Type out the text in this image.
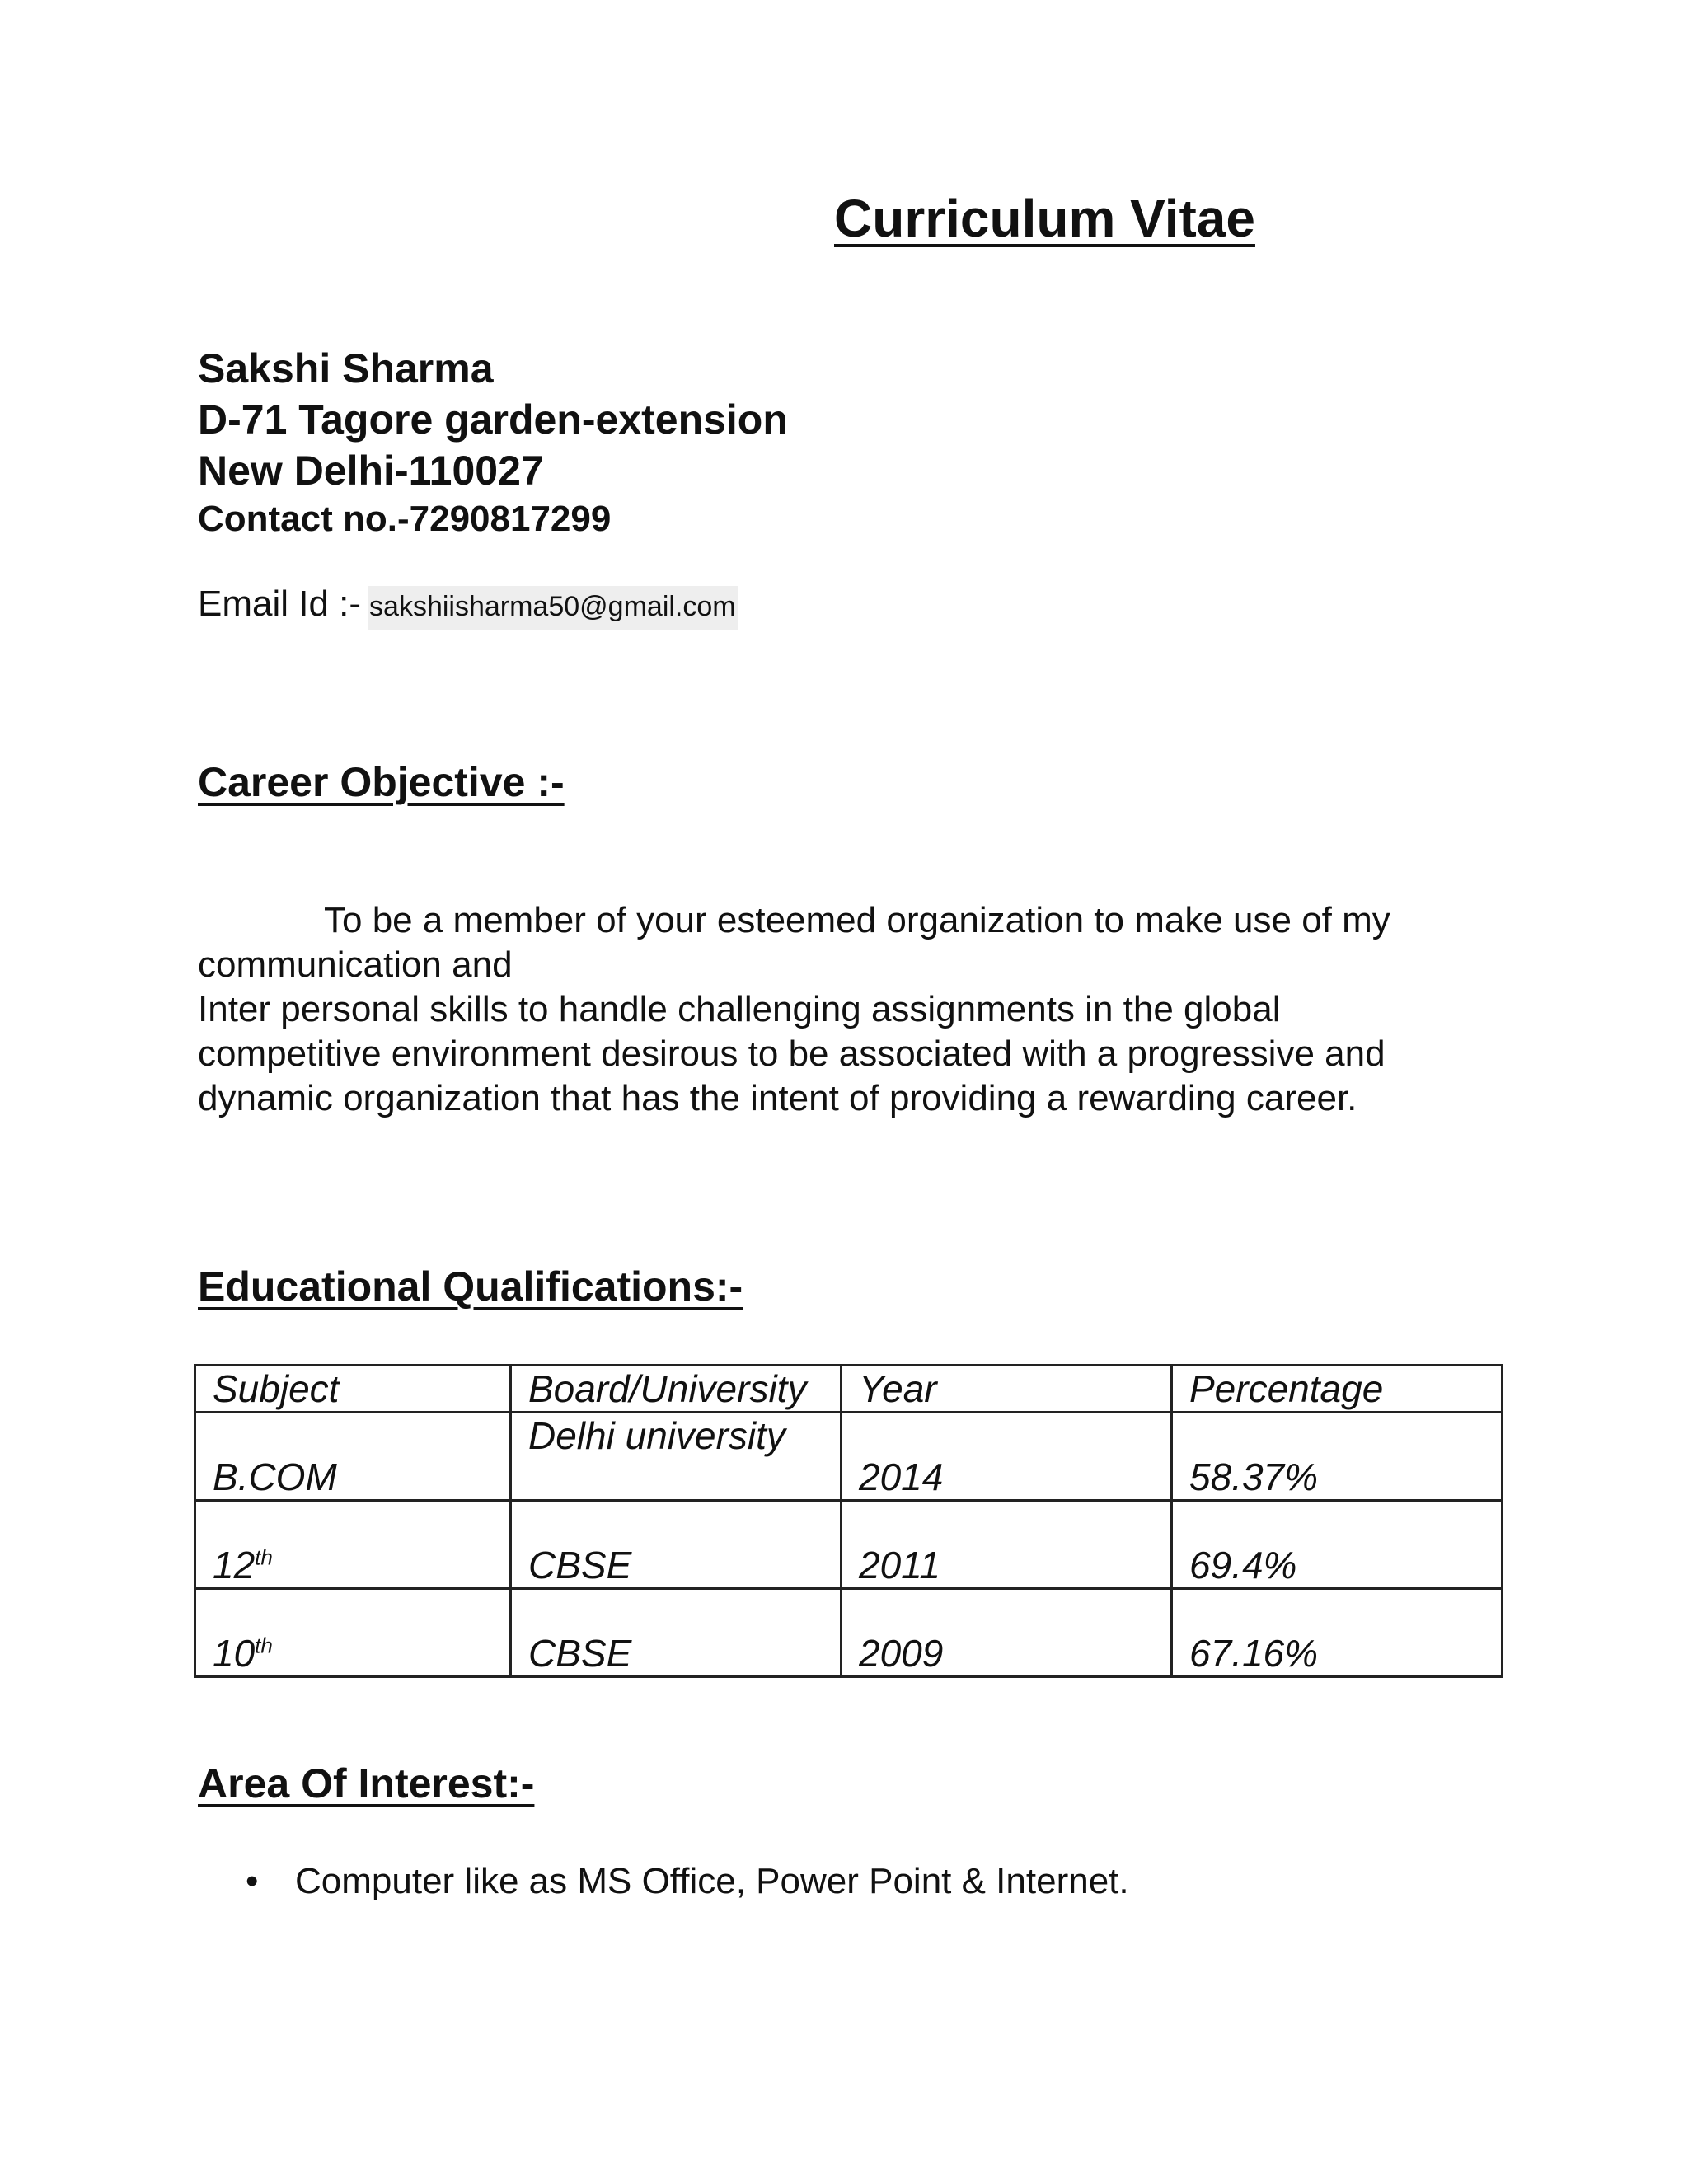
Curriculum Vitae
Sakshi Sharma
D-71 Tagore garden-extension
New Delhi-110027
Contact no.-7290817299
Email Id :- sakshiisharma50@gmail.com
Career Objective :-
To be a member of your esteemed organization to make use of my
communication and
Inter personal skills to handle challenging assignments in the global
competitive environment desirous to be associated with a progressive and
dynamic organization that has the intent of providing a rewarding career.
Educational Qualifications:-
Subject	Board/University	Year	Percentage
B.COM	Delhi university	2014	58.37%
12th	CBSE	2011	69.4%
10th	CBSE	2009	67.16%
Area Of Interest:-
•	Computer like as MS Office, Power Point & Internet.
